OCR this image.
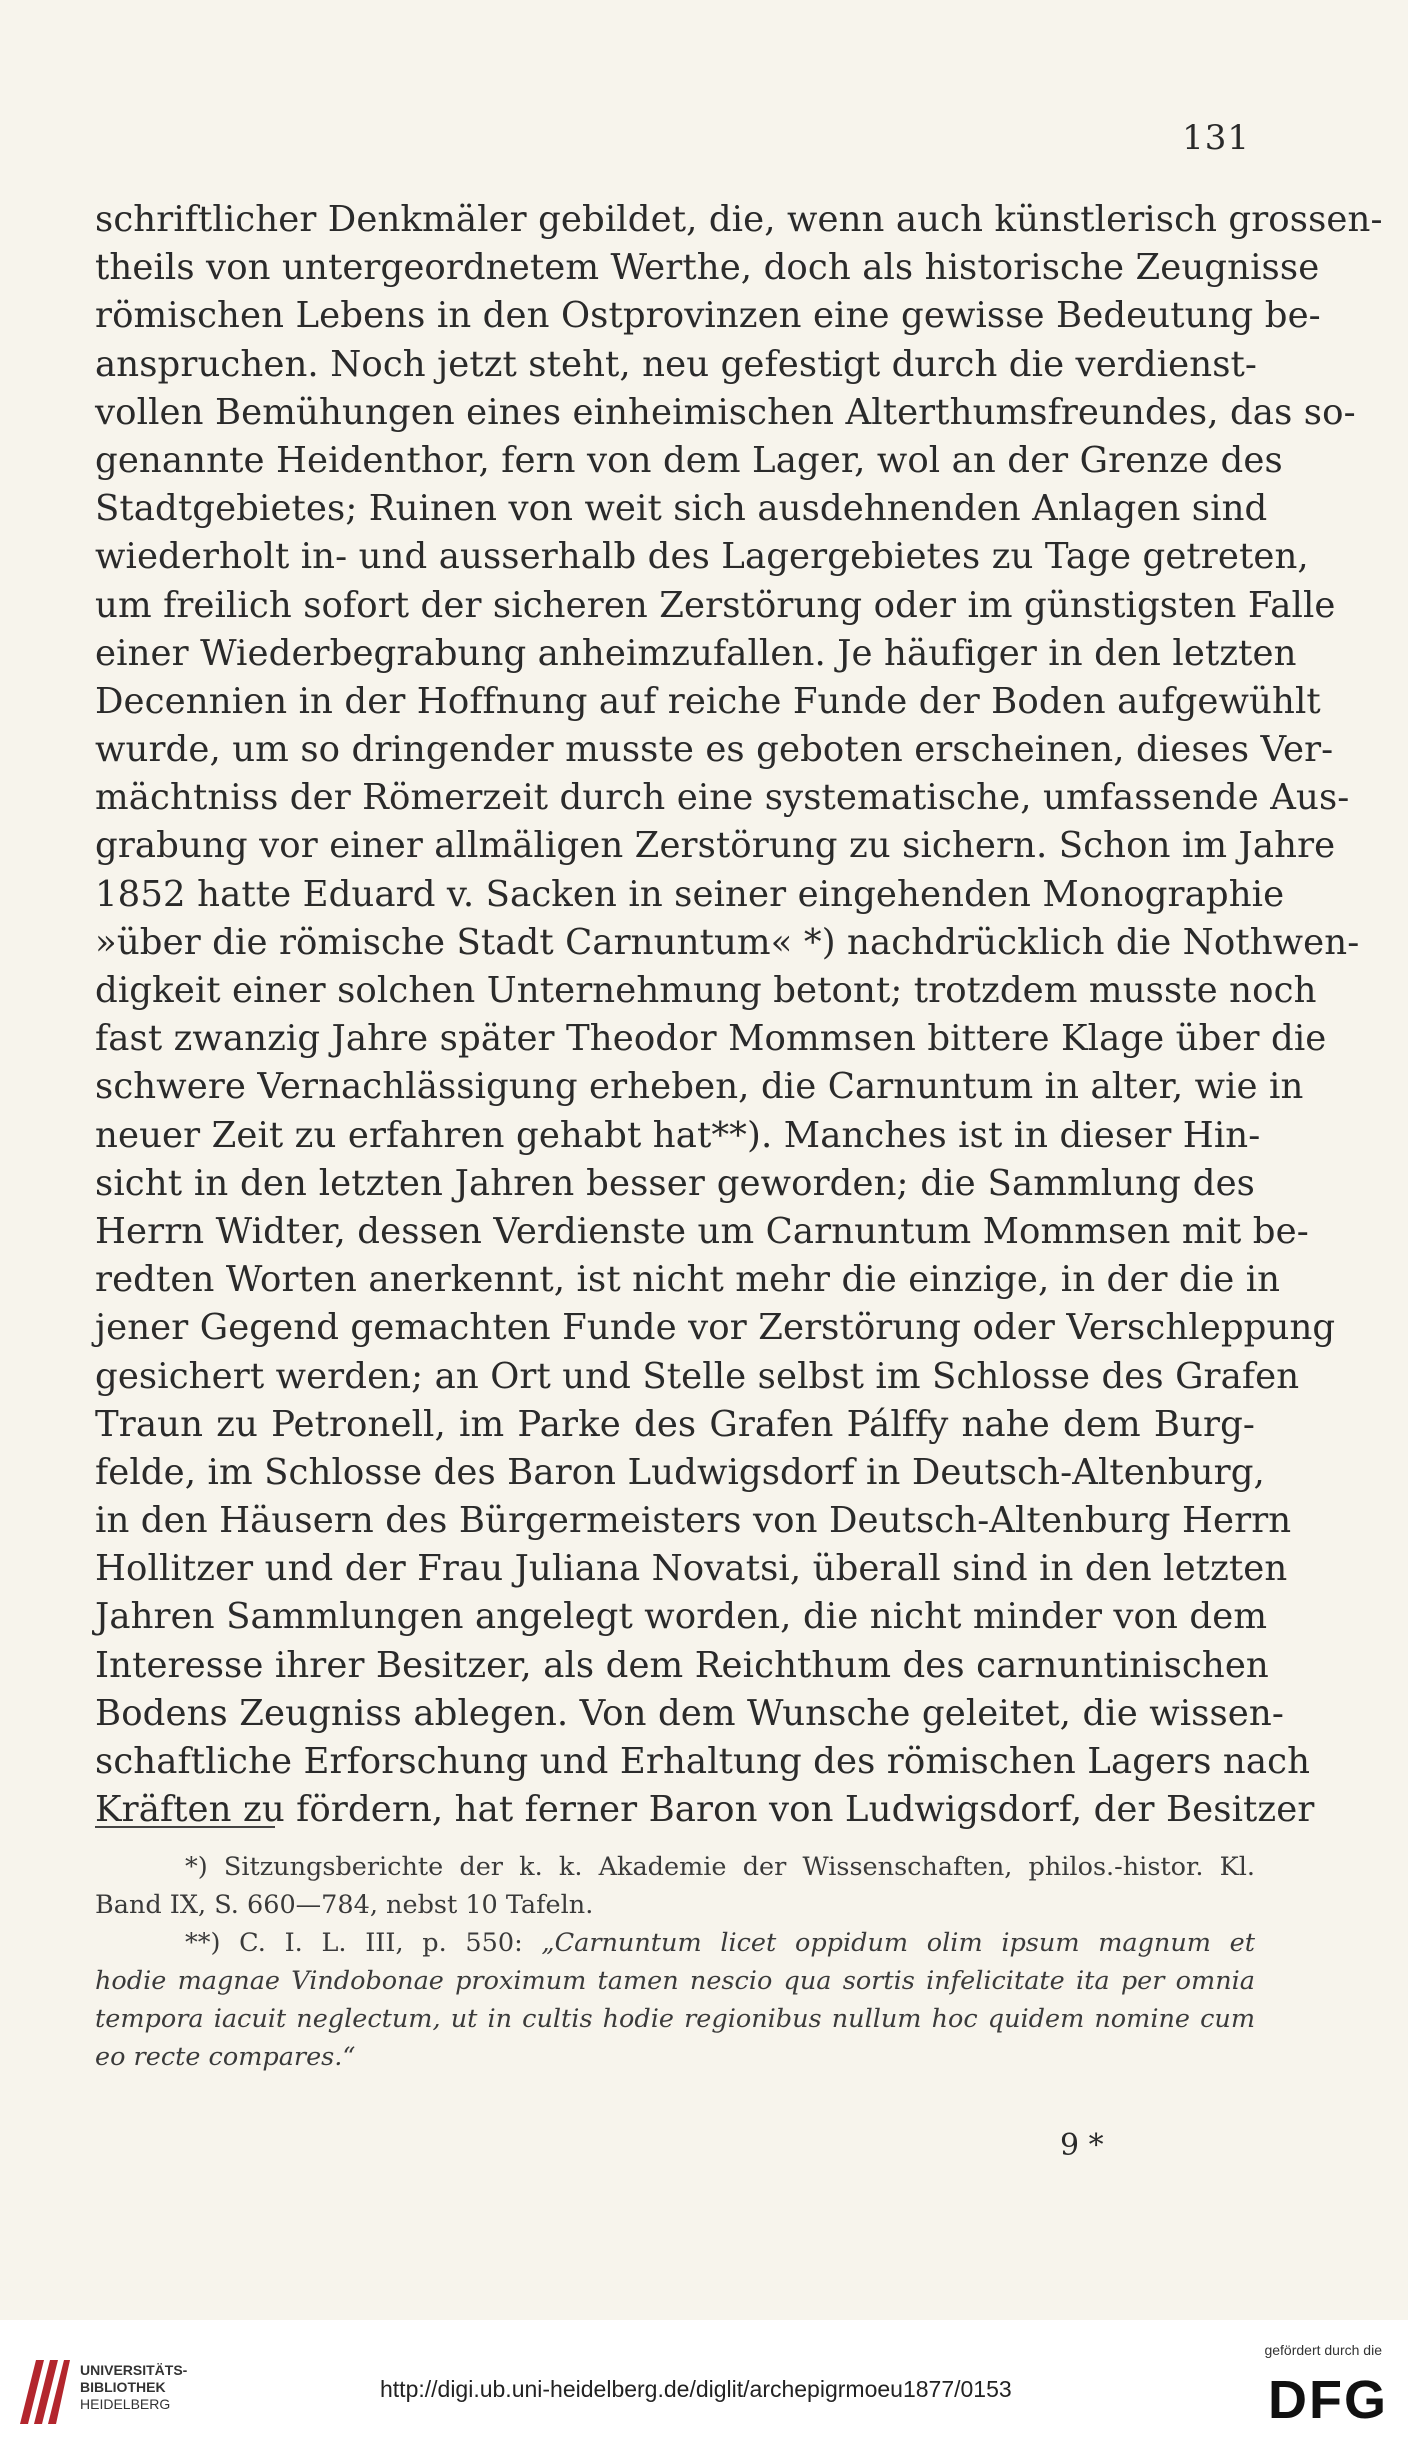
131
schriftlicher Denkmäler gebildet, die, wenn auch künstlerisch grossen-
theils von untergeordnetem Werthe, doch als historische Zeugnisse
römischen Lebens in den Ostprovinzen eine gewisse Bedeutung be-
anspruchen. Noch jetzt steht, neu gefestigt durch die verdienst-
vollen Bemühungen eines einheimischen Alterthumsfreundes, das so-
genannte Heidenthor, fern von dem Lager, wol an der Grenze des
Stadtgebietes; Ruinen von weit sich ausdehnenden Anlagen sind
wiederholt in- und ausserhalb des Lagergebietes zu Tage getreten,
um freilich sofort der sicheren Zerstörung oder im günstigsten Falle
einer Wiederbegrabung anheimzufallen. Je häufiger in den letzten
Decennien in der Hoffnung auf reiche Funde der Boden aufgewühlt
wurde, um so dringender musste es geboten erscheinen, dieses Ver-
mächtniss der Römerzeit durch eine systematische, umfassende Aus-
grabung vor einer allmäligen Zerstörung zu sichern. Schon im Jahre
1852 hatte Eduard v. Sacken in seiner eingehenden Monographie
»über die römische Stadt Carnuntum« *) nachdrücklich die Nothwen-
digkeit einer solchen Unternehmung betont; trotzdem musste noch
fast zwanzig Jahre später Theodor Mommsen bittere Klage über die
schwere Vernachlässigung erheben, die Carnuntum in alter, wie in
neuer Zeit zu erfahren gehabt hat**). Manches ist in dieser Hin-
sicht in den letzten Jahren besser geworden; die Sammlung des
Herrn Widter, dessen Verdienste um Carnuntum Mommsen mit be-
redten Worten anerkennt, ist nicht mehr die einzige, in der die in
jener Gegend gemachten Funde vor Zerstörung oder Verschleppung
gesichert werden; an Ort und Stelle selbst im Schlosse des Grafen
Traun zu Petronell, im Parke des Grafen Pálffy nahe dem Burg-
felde, im Schlosse des Baron Ludwigsdorf in Deutsch-Altenburg,
in den Häusern des Bürgermeisters von Deutsch-Altenburg Herrn
Hollitzer und der Frau Juliana Novatsi, überall sind in den letzten
Jahren Sammlungen angelegt worden, die nicht minder von dem
Interesse ihrer Besitzer, als dem Reichthum des carnuntinischen
Bodens Zeugniss ablegen. Von dem Wunsche geleitet, die wissen-
schaftliche Erforschung und Erhaltung des römischen Lagers nach
Kräften zu fördern, hat ferner Baron von Ludwigsdorf, der Besitzer
*) Sitzungsberichte der k. k. Akademie der Wissenschaften, philos.-histor. Kl.
Band IX, S. 660—784, nebst 10 Tafeln.
**) C. I. L. III, p. 550: „Carnuntum licet oppidum olim ipsum magnum et
hodie magnae Vindobonae proximum tamen nescio qua sortis infelicitate ita per omnia
tempora iacuit neglectum, ut in cultis hodie regionibus nullum hoc quidem nomine cum
eo recte compares.“
9 *
UNIVERSITÄTS-
BIBLIOTHEK
HEIDELBERG
http://digi.ub.uni-heidelberg.de/diglit/archepigrmoeu1877/0153
gefördert durch die
DFG
